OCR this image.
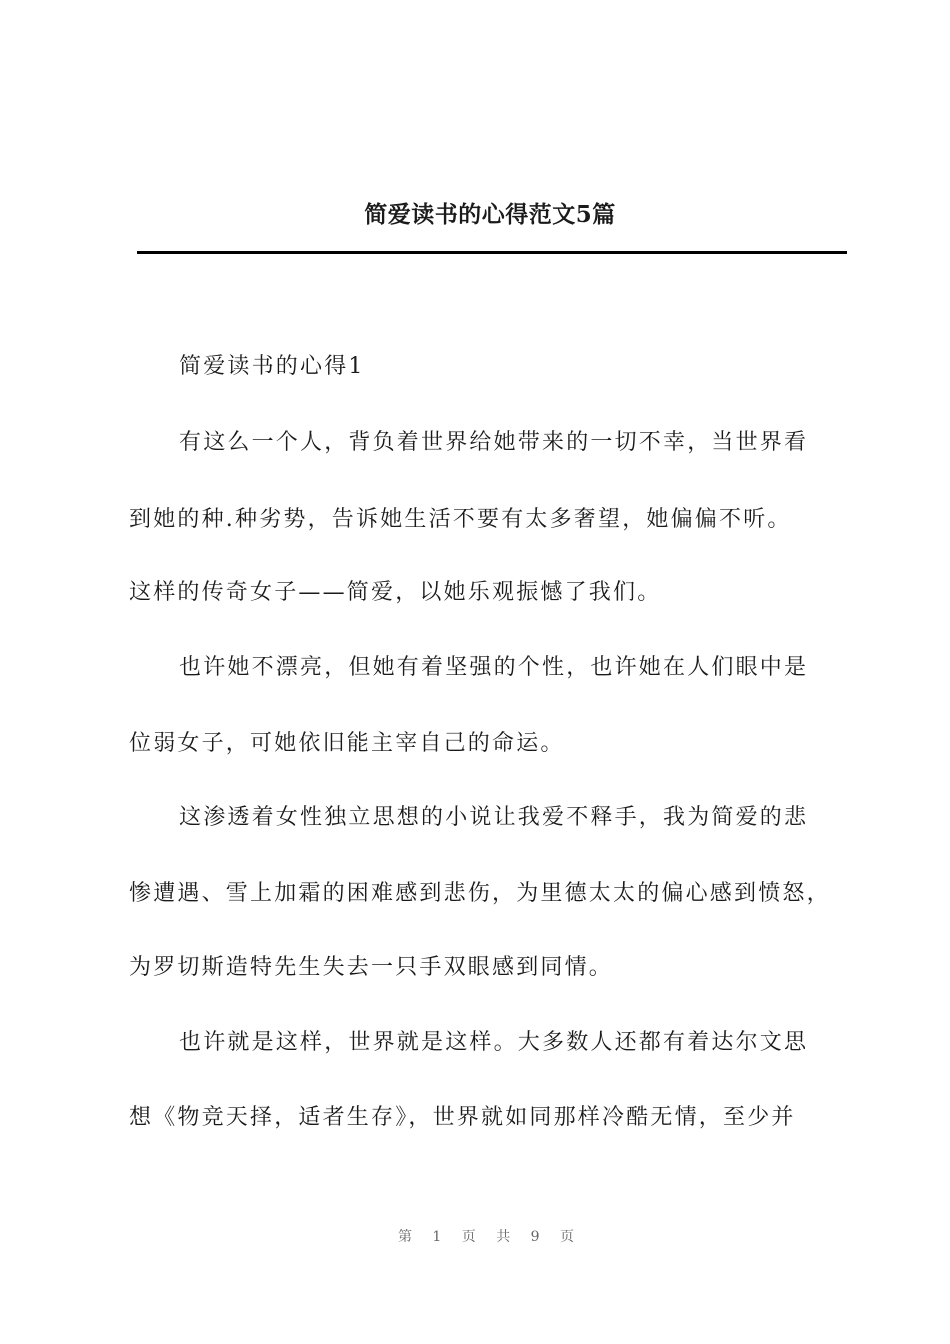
简爱读书的心得范文5篇

简爱读书的心得1

有这么一个人，背负着世界给她带来的一切不幸，当世界看

到她的种.种劣势，告诉她生活不要有太多奢望，她偏偏不听。

这样的传奇女子——简爱，以她乐观振憾了我们。

也许她不漂亮，但她有着坚强的个性，也许她在人们眼中是

位弱女子，可她依旧能主宰自己的命运。

这渗透着女性独立思想的小说让我爱不释手，我为简爱的悲

惨遭遇、雪上加霜的困难感到悲伤，为里德太太的偏心感到愤怒，

为罗切斯造特先生失去一只手双眼感到同情。

也许就是这样，世界就是这样。大多数人还都有着达尔文思

想《物竞天择，适者生存》，世界就如同那样冷酷无情，至少并

第 1 页 共 9 页
